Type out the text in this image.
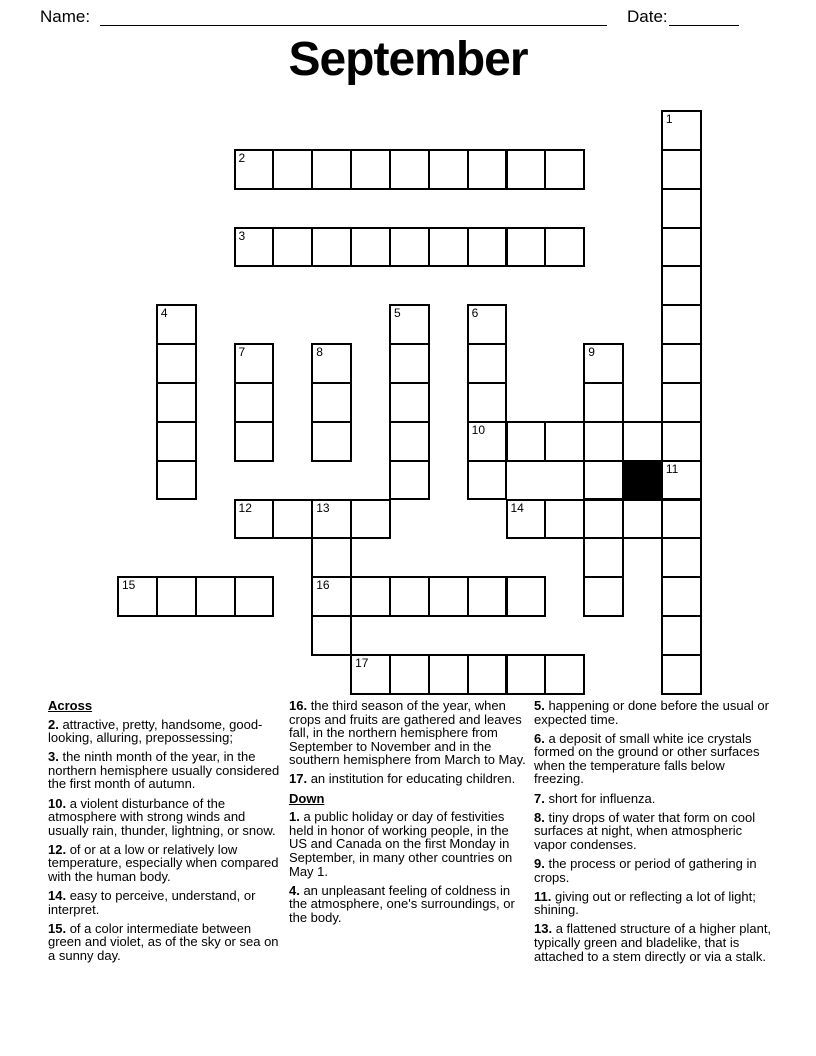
Name:	Date:
September
1
2
3
4	5	6
10
7	8	9
11
12	13
16
14
15
17
Across
2. attractive, pretty, handsome, good-looking, alluring, prepossessing;
3. the ninth month of the year, in the northern hemisphere usually considered the first month of autumn.
10. a violent disturbance of the atmosphere with strong winds and usually rain, thunder, lightning, or snow.
12. of or at a low or relatively low temperature, especially when compared with the human body.
14. easy to perceive, understand, or interpret.
15. of a color intermediate between green and violet, as of the sky or sea on a sunny day.
16. the third season of the year, when crops and fruits are gathered and leaves fall, in the northern hemisphere from September to November and in the southern hemisphere from March to May.
17. an institution for educating children.
Down
1. a public holiday or day of festivities held in honor of working people, in the US and Canada on the first Monday in September, in many other countries on May 1.
4. an unpleasant feeling of coldness in the atmosphere, one's surroundings, or the body.
5. happening or done before the usual or expected time.
6. a deposit of small white ice crystals formed on the ground or other surfaces when the temperature falls below freezing.
7. short for influenza.
8. tiny drops of water that form on cool surfaces at night, when atmospheric vapor condenses.
9. the process or period of gathering in crops.
11. giving out or reflecting a lot of light; shining.
13. a flattened structure of a higher plant, typically green and bladelike, that is attached to a stem directly or via a stalk.
